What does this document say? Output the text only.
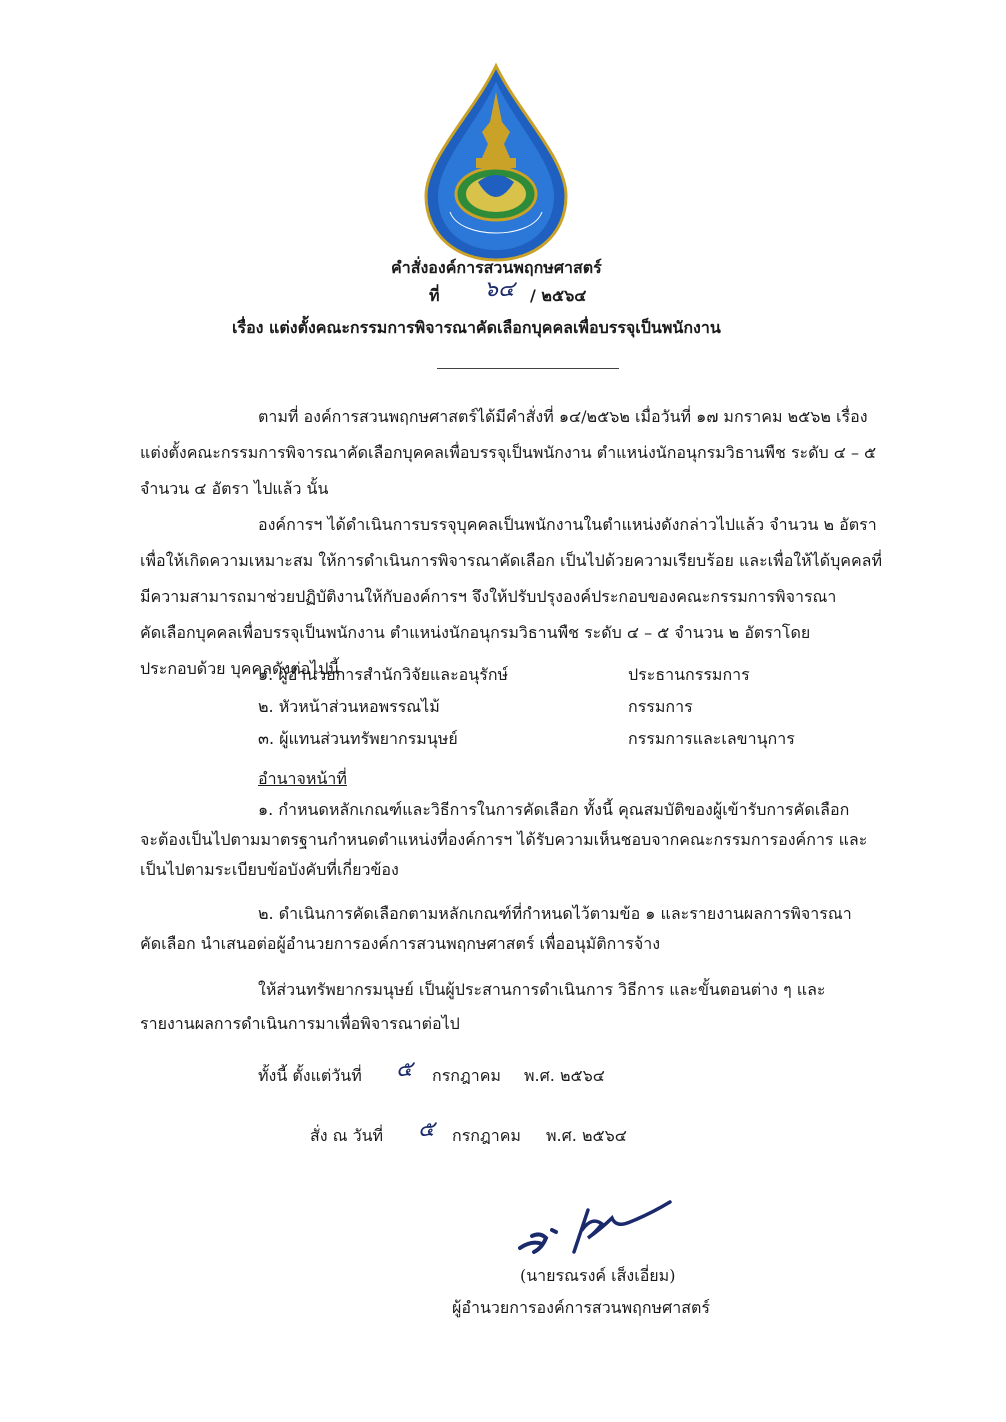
คำสั่งองค์การสวนพฤกษศาสตร์
ที่ ๖๔ / ๒๕๖๔
เรื่อง แต่งตั้งคณะกรรมการพิจารณาคัดเลือกบุคคลเพื่อบรรจุเป็นพนักงาน
ตามที่ องค์การสวนพฤกษศาสตร์ได้มีคำสั่งที่ ๑๔/๒๕๖๒ เมื่อวันที่ ๑๗ มกราคม ๒๕๖๒ เรื่อง
แต่งตั้งคณะกรรมการพิจารณาคัดเลือกบุคคลเพื่อบรรจุเป็นพนักงาน ตำแหน่งนักอนุกรมวิธานพืช ระดับ ๔ – ๕
จำนวน ๔ อัตรา ไปแล้ว นั้น
องค์การฯ ได้ดำเนินการบรรจุบุคคลเป็นพนักงานในตำแหน่งดังกล่าวไปแล้ว จำนวน ๒ อัตรา
เพื่อให้เกิดความเหมาะสม ให้การดำเนินการพิจารณาคัดเลือก เป็นไปด้วยความเรียบร้อย และเพื่อให้ได้บุคคลที่
มีความสามารถมาช่วยปฏิบัติงานให้กับองค์การฯ จึงให้ปรับปรุงองค์ประกอบของคณะกรรมการพิจารณา
คัดเลือกบุคคลเพื่อบรรจุเป็นพนักงาน ตำแหน่งนักอนุกรมวิธานพืช ระดับ ๔ – ๕ จำนวน ๒ อัตราโดย
ประกอบด้วย บุคคลดังต่อไปนี้
๑. ผู้อำนวยการสำนักวิจัยและอนุรักษ์	ประธานกรรมการ
๒. หัวหน้าส่วนหอพรรณไม้	กรรมการ
๓. ผู้แทนส่วนทรัพยากรมนุษย์	กรรมการและเลขานุการ
อำนาจหน้าที่
๑. กำหนดหลักเกณฑ์และวิธีการในการคัดเลือก ทั้งนี้ คุณสมบัติของผู้เข้ารับการคัดเลือก
จะต้องเป็นไปตามมาตรฐานกำหนดตำแหน่งที่องค์การฯ ได้รับความเห็นชอบจากคณะกรรมการองค์การ และ
เป็นไปตามระเบียบข้อบังคับที่เกี่ยวข้อง
๒. ดำเนินการคัดเลือกตามหลักเกณฑ์ที่กำหนดไว้ตามข้อ ๑ และรายงานผลการพิจารณา
คัดเลือก นำเสนอต่อผู้อำนวยการองค์การสวนพฤกษศาสตร์ เพื่ออนุมัติการจ้าง
ให้ส่วนทรัพยากรมนุษย์ เป็นผู้ประสานการดำเนินการ วิธีการ และขั้นตอนต่าง ๆ และ
รายงานผลการดำเนินการมาเพื่อพิจารณาต่อไป
ทั้งนี้ ตั้งแต่วันที่ ๕ กรกฎาคม พ.ศ. ๒๕๖๔
สั่ง ณ วันที่ ๕ กรกฎาคม พ.ศ. ๒๕๖๔
(นายรณรงค์ เส็งเอี่ยม)
ผู้อำนวยการองค์การสวนพฤกษศาสตร์
